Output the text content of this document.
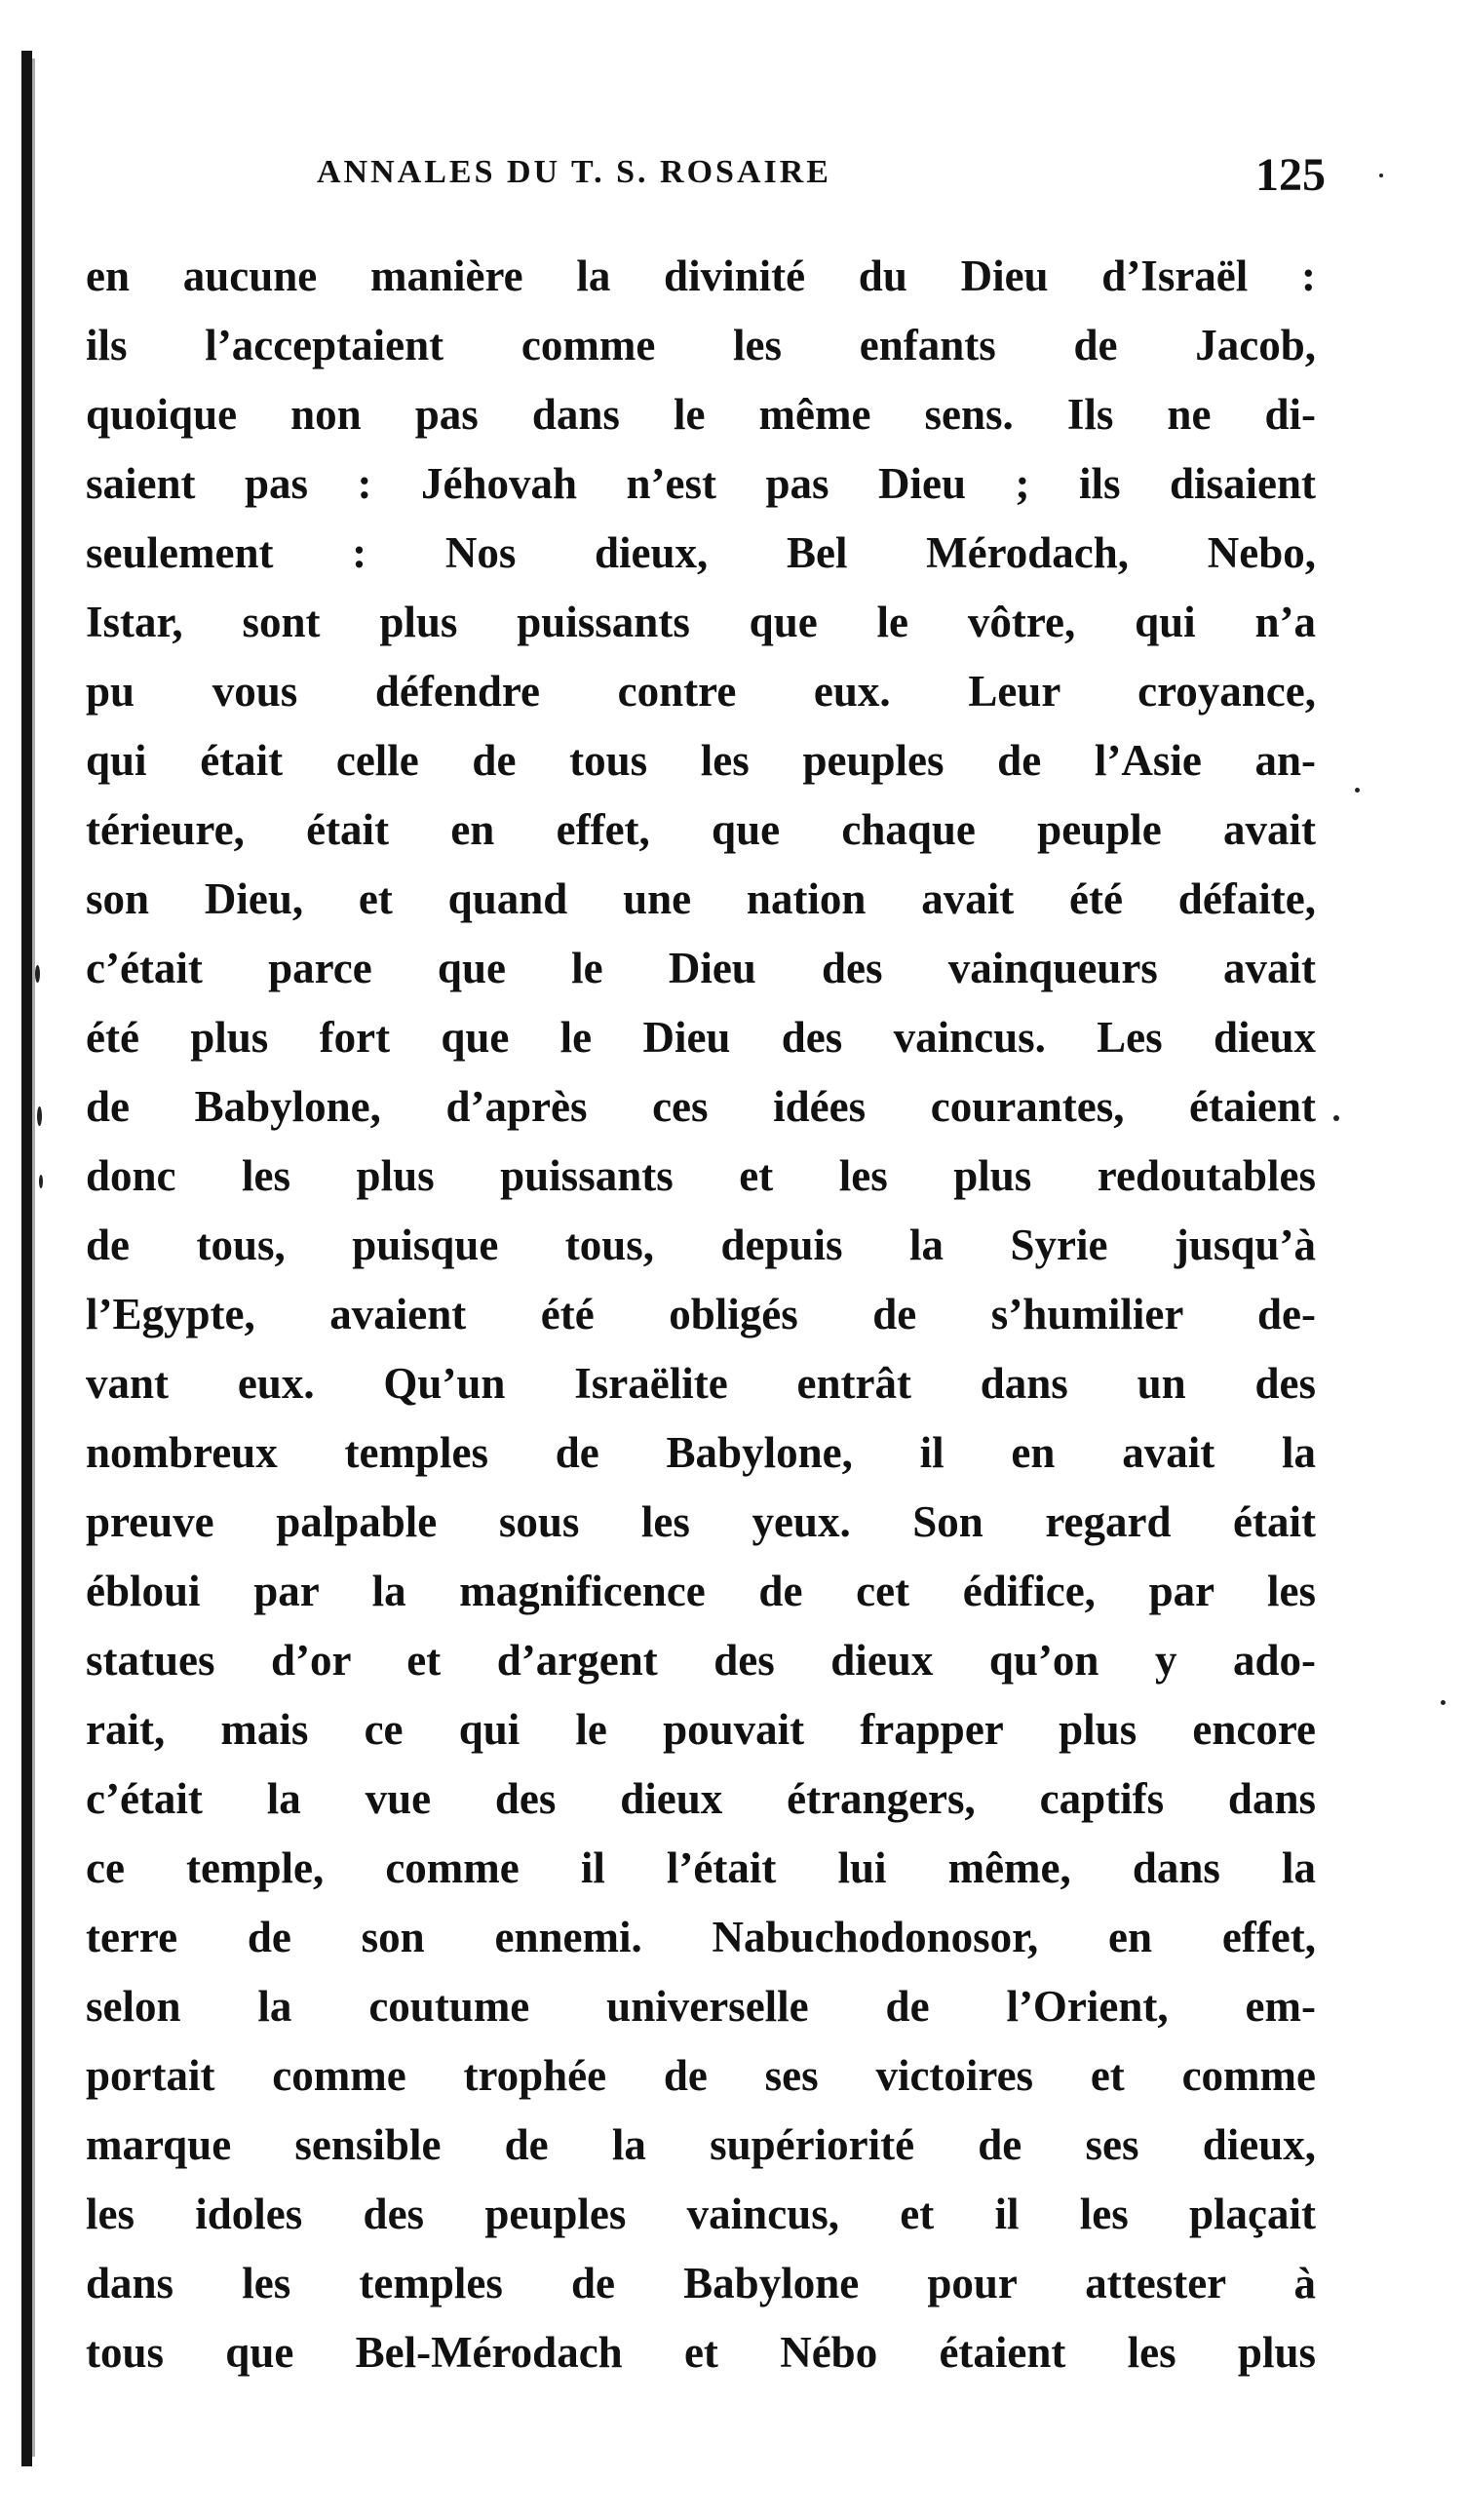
ANNALES DU T. S. ROSAIRE	125
en aucune manière la divinité du Dieu d’Israël :
ils l’acceptaient comme les enfants de Jacob,
quoique non pas dans le même sens. Ils ne di-
saient pas : Jéhovah n’est pas Dieu ; ils disaient
seulement : Nos dieux, Bel Mérodach, Nebo,
Istar, sont plus puissants que le vôtre, qui n’a
pu vous défendre contre eux. Leur croyance,
qui était celle de tous les peuples de l’Asie an-
térieure, était en effet, que chaque peuple avait
son Dieu, et quand une nation avait été défaite,
c’était parce que le Dieu des vainqueurs avait
été plus fort que le Dieu des vaincus. Les dieux
de Babylone, d’après ces idées courantes, étaient
donc les plus puissants et les plus redoutables
de tous, puisque tous, depuis la Syrie jusqu’à
l’Egypte, avaient été obligés de s’humilier de-
vant eux. Qu’un Israëlite entrât dans un des
nombreux temples de Babylone, il en avait la
preuve palpable sous les yeux. Son regard était
ébloui par la magnificence de cet édifice, par les
statues d’or et d’argent des dieux qu’on y ado-
rait, mais ce qui le pouvait frapper plus encore
c’était la vue des dieux étrangers, captifs dans
ce temple, comme il l’était lui même, dans la
terre de son ennemi. Nabuchodonosor, en effet,
selon la coutume universelle de l’Orient, em-
portait comme trophée de ses victoires et comme
marque sensible de la supériorité de ses dieux,
les idoles des peuples vaincus, et il les plaçait
dans les temples de Babylone pour attester à
tous que Bel-Mérodach et Nébo étaient les plus
